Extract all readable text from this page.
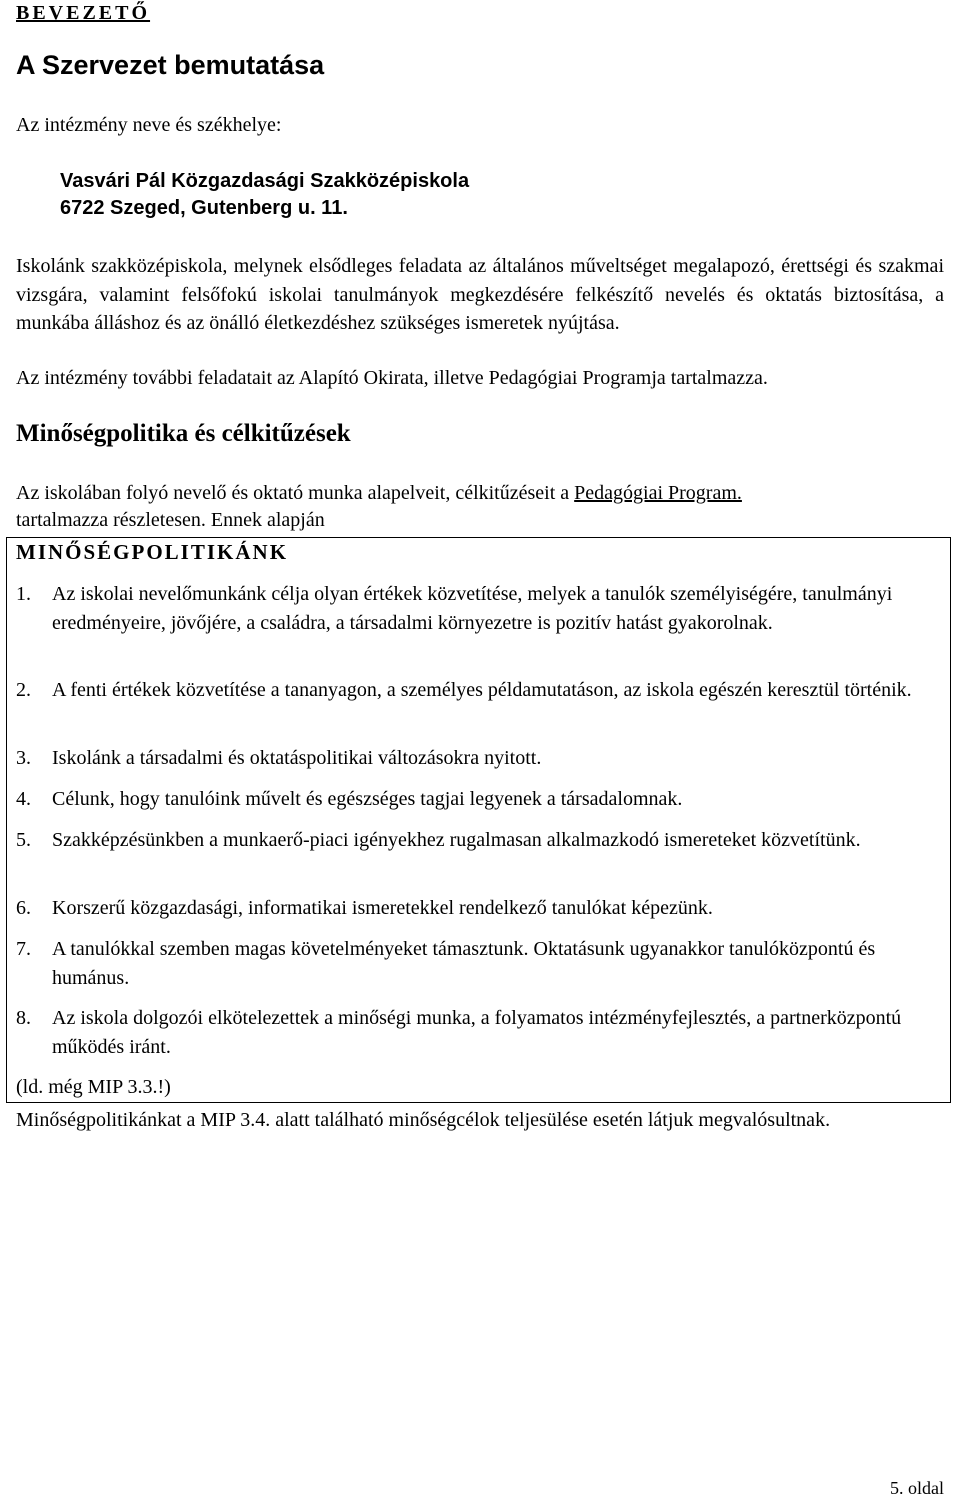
BEVEZETŐ
A Szervezet bemutatása
Az intézmény neve és székhelye:
Vasvári Pál Közgazdasági Szakközépiskola
6722 Szeged, Gutenberg u. 11.
Iskolánk szakközépiskola, melynek elsődleges feladata az általános műveltséget megalapozó, érettségi és szakmai vizsgára, valamint felsőfokú iskolai tanulmányok megkezdésére felkészítő nevelés és oktatás biztosítása, a munkába álláshoz és az önálló életkezdéshez szükséges ismeretek nyújtása.
Az intézmény további feladatait az Alapító Okirata, illetve Pedagógiai Programja tartalmazza.
Minőségpolitika és célkitűzések
Az iskolában folyó nevelő és oktató munka alapelveit, célkitűzéseit a Pedagógiai Program.
tartalmazza részletesen. Ennek alapján
MINŐSÉGPOLITIKÁNK
1.	Az iskolai nevelőmunkánk célja olyan értékek közvetítése, melyek a tanulók személyiségére, tanulmányi eredményeire, jövőjére, a családra, a társadalmi környezetre is pozitív hatást gyakorolnak.
2.	A fenti értékek közvetítése a tananyagon, a személyes példamutatáson, az iskola egészén keresztül történik.
3.	Iskolánk a társadalmi és oktatáspolitikai változásokra nyitott.
4.	Célunk, hogy tanulóink művelt és egészséges tagjai legyenek a társadalomnak.
5.	Szakképzésünkben a munkaerő-piaci igényekhez rugalmasan alkalmazkodó ismereteket közvetítünk.
6.	Korszerű közgazdasági, informatikai ismeretekkel rendelkező tanulókat képezünk.
7.	A tanulókkal szemben magas követelményeket támasztunk. Oktatásunk ugyanakkor tanulóközpontú és humánus.
8.	Az iskola dolgozói elkötelezettek a minőségi munka, a folyamatos intézményfejlesztés, a partnerközpontú működés iránt.
(ld. még MIP 3.3.!)
Minőségpolitikánkat a MIP 3.4. alatt található minőségcélok teljesülése esetén látjuk megvalósultnak.
5. oldal
